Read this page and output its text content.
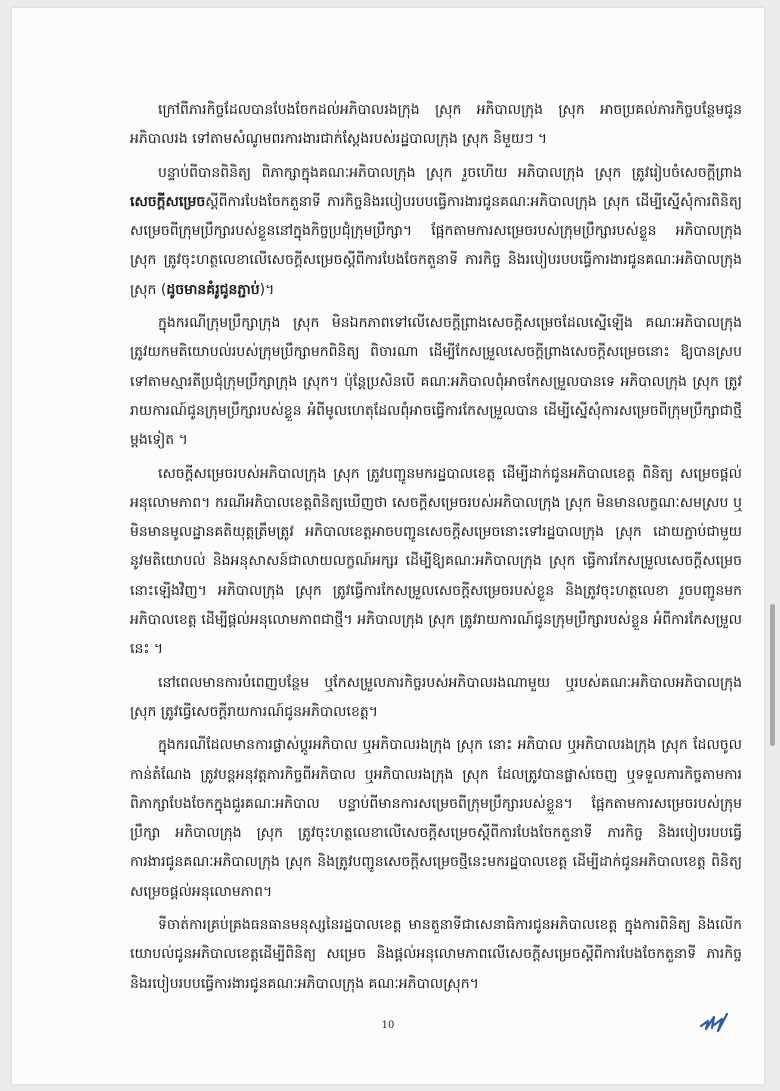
ក្រៅពីភារកិច្ចដែលបានបែងចែកដល់អភិបាលរងក្រុង ស្រុក អភិបាលក្រុង ស្រុក អាចប្រគល់ភារកិច្ចបន្ថែមជូនអភិបាលរង ទៅតាមសំណូមពរការងារជាក់ស្តែងរបស់រដ្ឋបាលក្រុង ស្រុក និមួយៗ ។

បន្ទាប់ពីបានពិនិត្យ ពិភាក្សាក្នុងគណៈអភិបាលក្រុង ស្រុក រួចហើយ អភិបាលក្រុង ស្រុក ត្រូវរៀបចំសេចក្តីព្រាង សេចក្តីសម្រេចស្តីពីការបែងចែកតួនាទី ភារកិច្ចនិងរបៀបរបបធ្វើការងារជូនគណៈអភិបាលក្រុង ស្រុក ដើម្បីស្នើសុំការពិនិត្យ សម្រេចពីក្រុមប្រឹក្សារបស់ខ្លួននៅក្នុងកិច្ចប្រជុំក្រុមប្រឹក្សា។ ផ្អែកតាមការសម្រេចរបស់ក្រុមប្រឹក្សារបស់ខ្លួន អភិបាលក្រុង ស្រុក ត្រូវចុះហត្ថលេខាលើសេចក្តីសម្រេចស្តីពីការបែងចែកតួនាទី ភារកិច្ច និងរបៀបរបបធ្វើការងារជូនគណៈអភិបាលក្រុង ស្រុក (ដូចមានគំរូជូនភ្ជាប់)។

ក្នុងករណីក្រុមប្រឹក្សាក្រុង ស្រុក មិនឯកភាពទៅលើសេចក្តីព្រាងសេចក្តីសម្រេចដែលស្នើឡើង គណៈអភិបាលក្រុងត្រូវយកមតិយោបល់របស់ក្រុមប្រឹក្សាមកពិនិត្យ ពិចារណា ដើម្បីកែសម្រួលសេចក្តីព្រាងសេចក្តីសម្រេចនោះ ឱ្យបានស្របទៅតាមស្មារតីប្រជុំក្រុមប្រឹក្សាក្រុង ស្រុក។ ប៉ុន្តែប្រសិនបើ គណៈអភិបាលពុំអាចកែសម្រួលបានទេ អភិបាលក្រុង ស្រុក ត្រូវរាយការណ៍ជូនក្រុមប្រឹក្សារបស់ខ្លួន អំពីមូលហេតុដែលពុំអាចធ្វើការកែសម្រួលបាន ដើម្បីស្នើសុំការសម្រេចពីក្រុមប្រឹក្សាជាថ្មីម្តងទៀត ។

សេចក្តីសម្រេចរបស់អភិបាលក្រុង ស្រុក ត្រូវបញ្ជូនមករដ្ឋបាលខេត្ត ដើម្បីដាក់ជូនអភិបាលខេត្ត ពិនិត្យ សម្រេចផ្តល់អនុលោមភាព។ ករណីអភិបាលខេត្តពិនិត្យឃើញថា សេចក្តីសម្រេចរបស់អភិបាលក្រុង ស្រុក មិនមានលក្ខណៈសមស្រប ឬមិនមានមូលដ្ឋានគតិយុត្តត្រឹមត្រូវ អភិបាលខេត្តអាចបញ្ជូនសេចក្តីសម្រេចនោះទៅរដ្ឋបាលក្រុង ស្រុក ដោយភ្ជាប់ជាមួយនូវមតិយោបល់ និងអនុសាសន៍ជាលាយលក្ខណ៍អក្សរ ដើម្បីឱ្យគណៈអភិបាលក្រុង ស្រុក ធ្វើការកែសម្រួលសេចក្តីសម្រេចនោះឡើងវិញ។ អភិបាលក្រុង ស្រុក ត្រូវធ្វើការកែសម្រួលសេចក្តីសម្រេចរបស់ខ្លួន និងត្រូវចុះហត្ថលេខា រួចបញ្ជូនមកអភិបាលខេត្ត ដើម្បីផ្តល់អនុលោមភាពជាថ្មី។ អភិបាលក្រុង ស្រុក ត្រូវរាយការណ៍ជូនក្រុមប្រឹក្សារបស់ខ្លួន អំពីការកែសម្រួលនេះ ។

នៅពេលមានការបំពេញបន្ថែម ឬកែសម្រួលភារកិច្ចរបស់អភិបាលរងណាមួយ ឬរបស់គណៈអភិបាលអភិបាលក្រុង ស្រុក ត្រូវធ្វើសេចក្តីរាយការណ៍ជូនអភិបាលខេត្ត។

ក្នុងករណីដែលមានការផ្លាស់ប្តូរអភិបាល ឬអភិបាលរងក្រុង ស្រុក នោះ អភិបាល ឬអភិបាលរងក្រុង ស្រុក ដែលចូលកាន់តំណែង ត្រូវបន្តអនុវត្តភារកិច្ចពីអភិបាល ឬអភិបាលរងក្រុង ស្រុក ដែលត្រូវបានផ្លាស់ចេញ ឬទទួលភារកិច្ចតាមការពិភាក្សាបែងចែកក្នុងជួរគណៈអភិបាល បន្ទាប់ពីមានការសម្រេចពីក្រុមប្រឹក្សារបស់ខ្លួន។ ផ្អែកតាមការសម្រេចរបស់ក្រុមប្រឹក្សា អភិបាលក្រុង ស្រុក ត្រូវចុះហត្ថលេខាលើសេចក្តីសម្រេចស្តីពីការបែងចែកតួនាទី ភារកិច្ច និងរបៀបរបបធ្វើការងារជូនគណៈអភិបាលក្រុង ស្រុក និងត្រូវបញ្ជូនសេចក្តីសម្រេចថ្មីនេះមករដ្ឋបាលខេត្ត ដើម្បីដាក់ជូនអភិបាលខេត្ត ពិនិត្យ សម្រេចផ្តល់អនុលោមភាព។

ទីចាត់ការគ្រប់គ្រងធនធានមនុស្សនៃរដ្ឋបាលខេត្ត មានតួនាទីជាសេនាធិការជូនអភិបាលខេត្ត ក្នុងការពិនិត្យ និងលើកយោបល់ជូនអភិបាលខេត្តដើម្បីពិនិត្យ សម្រេច និងផ្តល់អនុលោមភាពលើសេចក្តីសម្រេចស្តីពីការបែងចែកតួនាទី ភារកិច្ចនិងរបៀបរបបធ្វើការងារជូនគណៈអភិបាលក្រុង គណៈអភិបាលស្រុក។

10
